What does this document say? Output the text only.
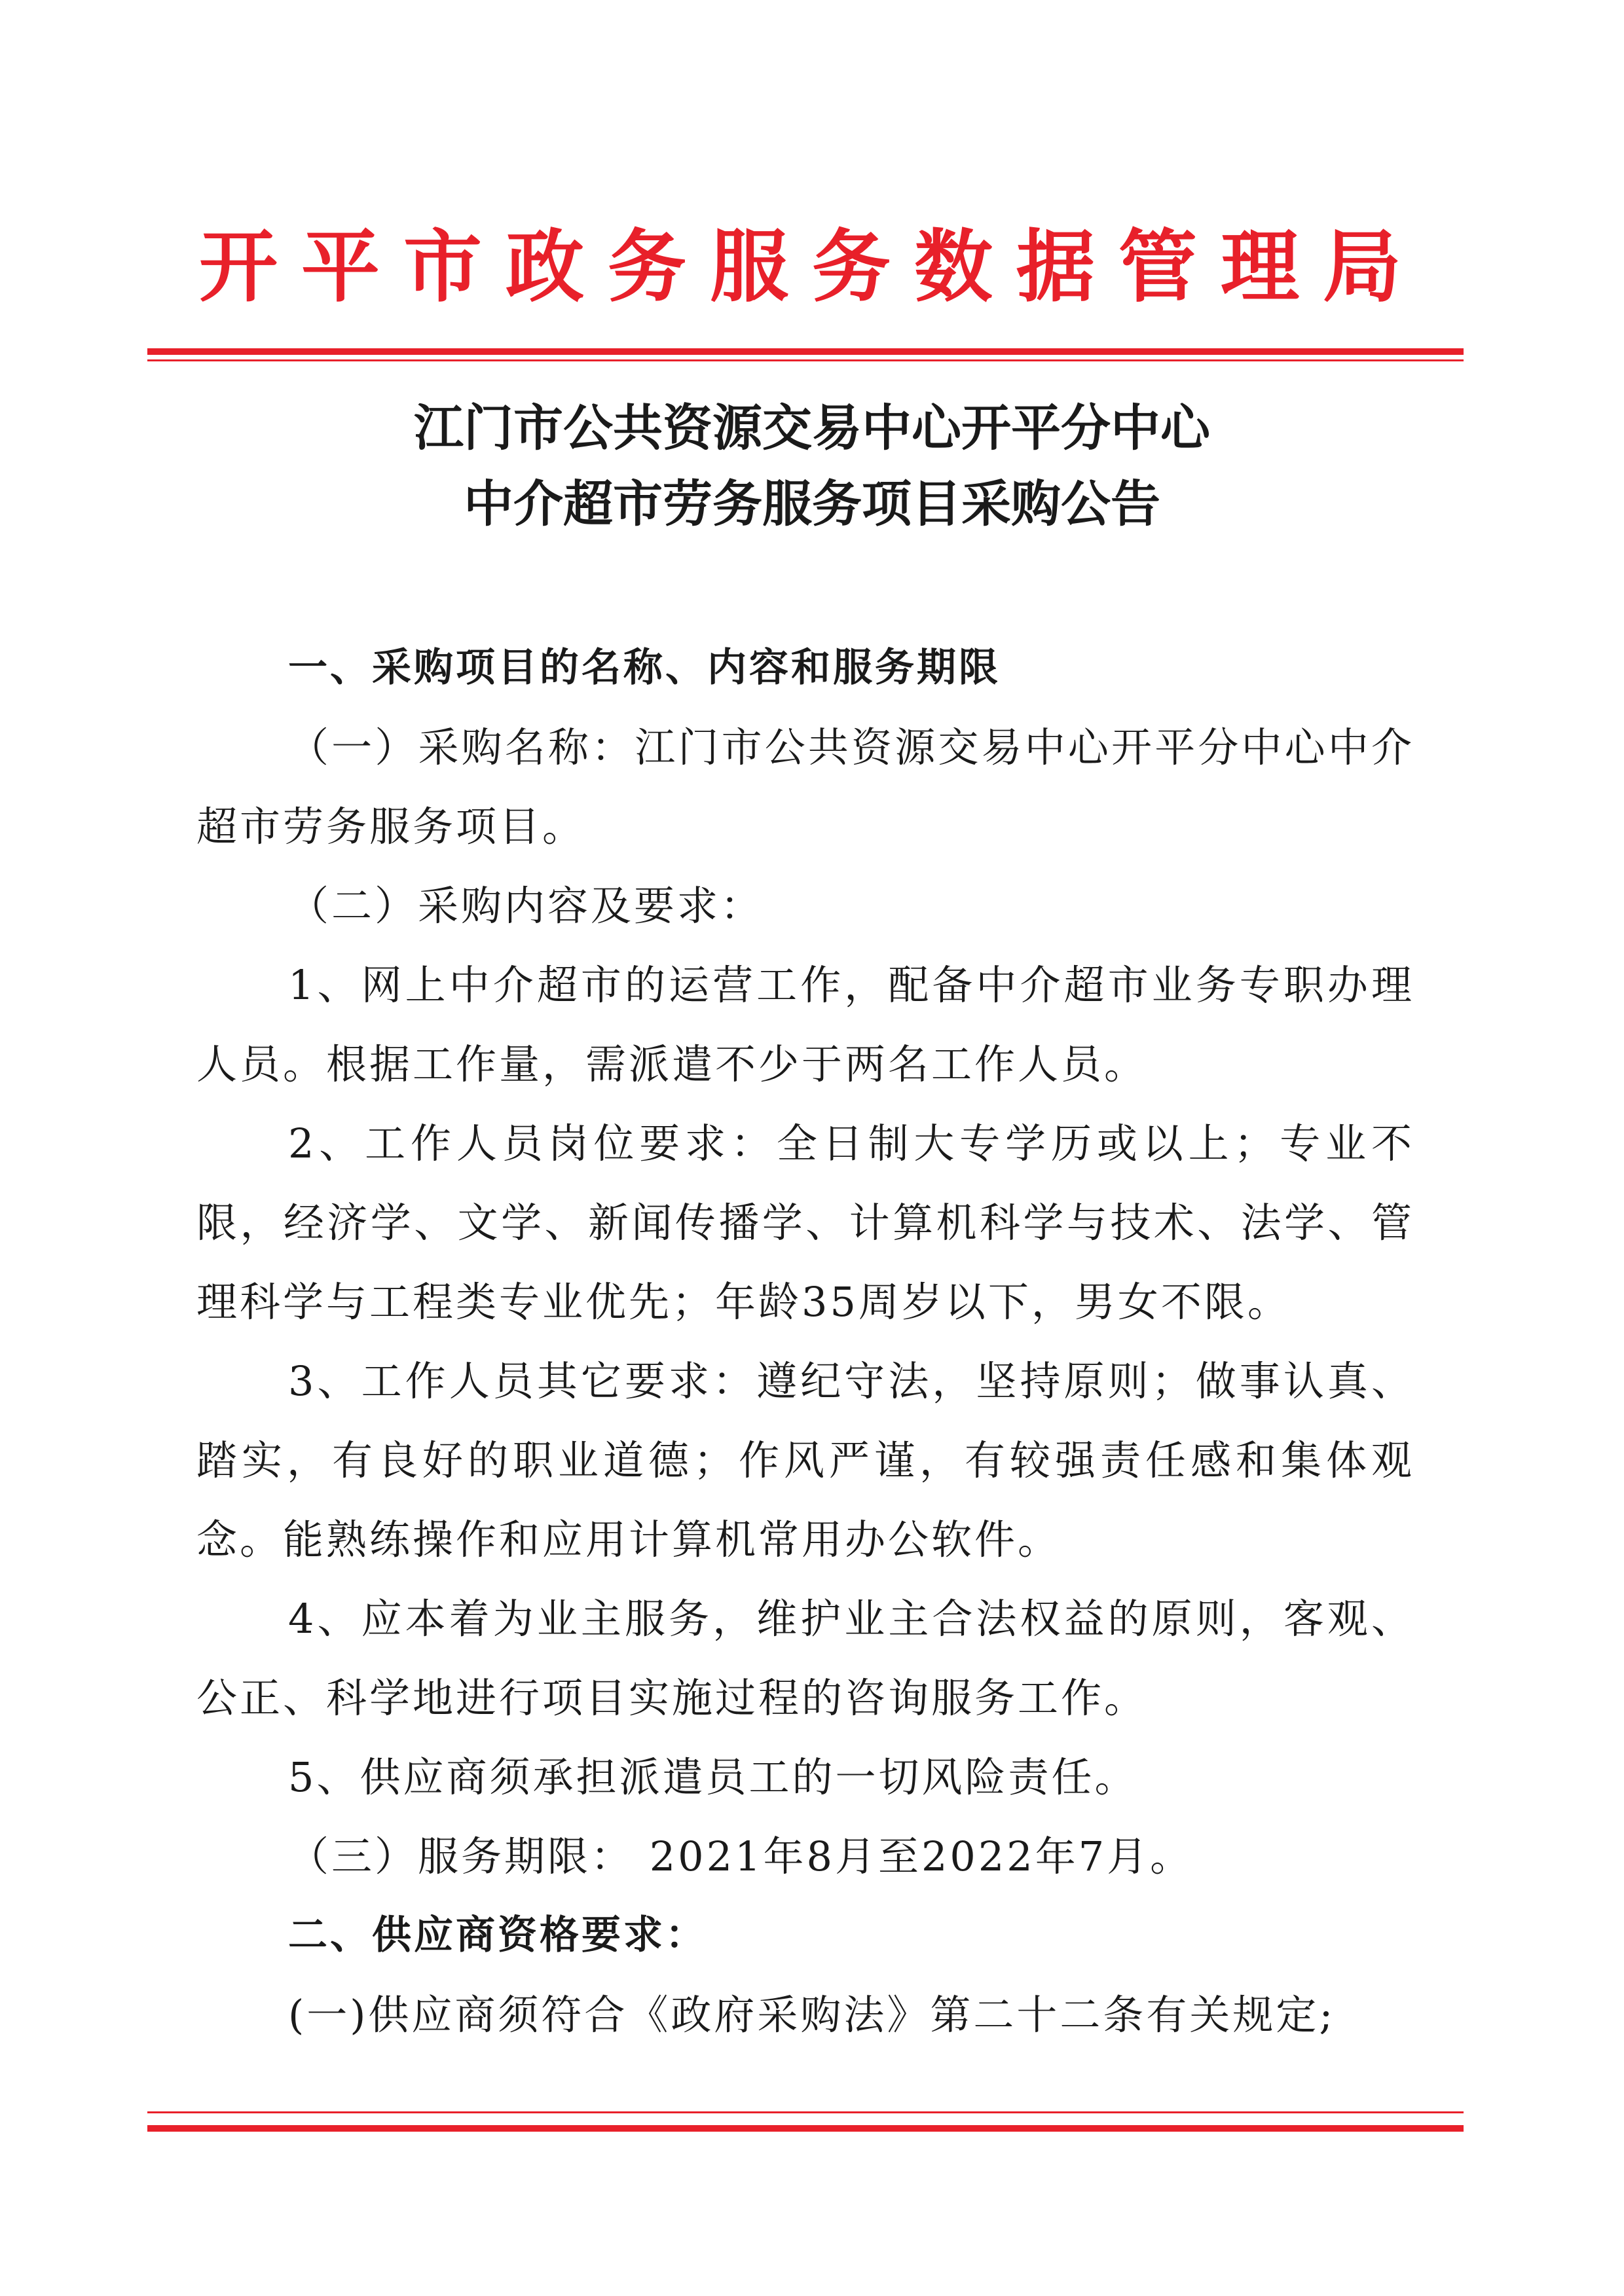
开平市政务服务数据管理局
江门市公共资源交易中心开平分中心
中介超市劳务服务项目采购公告

一、采购项目的名称、内容和服务期限

（一）采购名称：江门市公共资源交易中心开平分中心中介超市劳务服务项目。

（二）采购内容及要求：

1、网上中介超市的运营工作，配备中介超市业务专职办理人员。根据工作量，需派遣不少于两名工作人员。

2、工作人员岗位要求：全日制大专学历或以上；专业不限，经济学、文学、新闻传播学、计算机科学与技术、法学、管理科学与工程类专业优先；年龄35周岁以下，男女不限。

3、工作人员其它要求：遵纪守法，坚持原则；做事认真、踏实，有良好的职业道德；作风严谨，有较强责任感和集体观念。能熟练操作和应用计算机常用办公软件。

4、应本着为业主服务，维护业主合法权益的原则，客观、公正、科学地进行项目实施过程的咨询服务工作。

5、供应商须承担派遣员工的一切风险责任。

（三）服务期限： 2021年8月至2022年7月。

二、供应商资格要求：

(一)供应商须符合《政府采购法》第二十二条有关规定;
